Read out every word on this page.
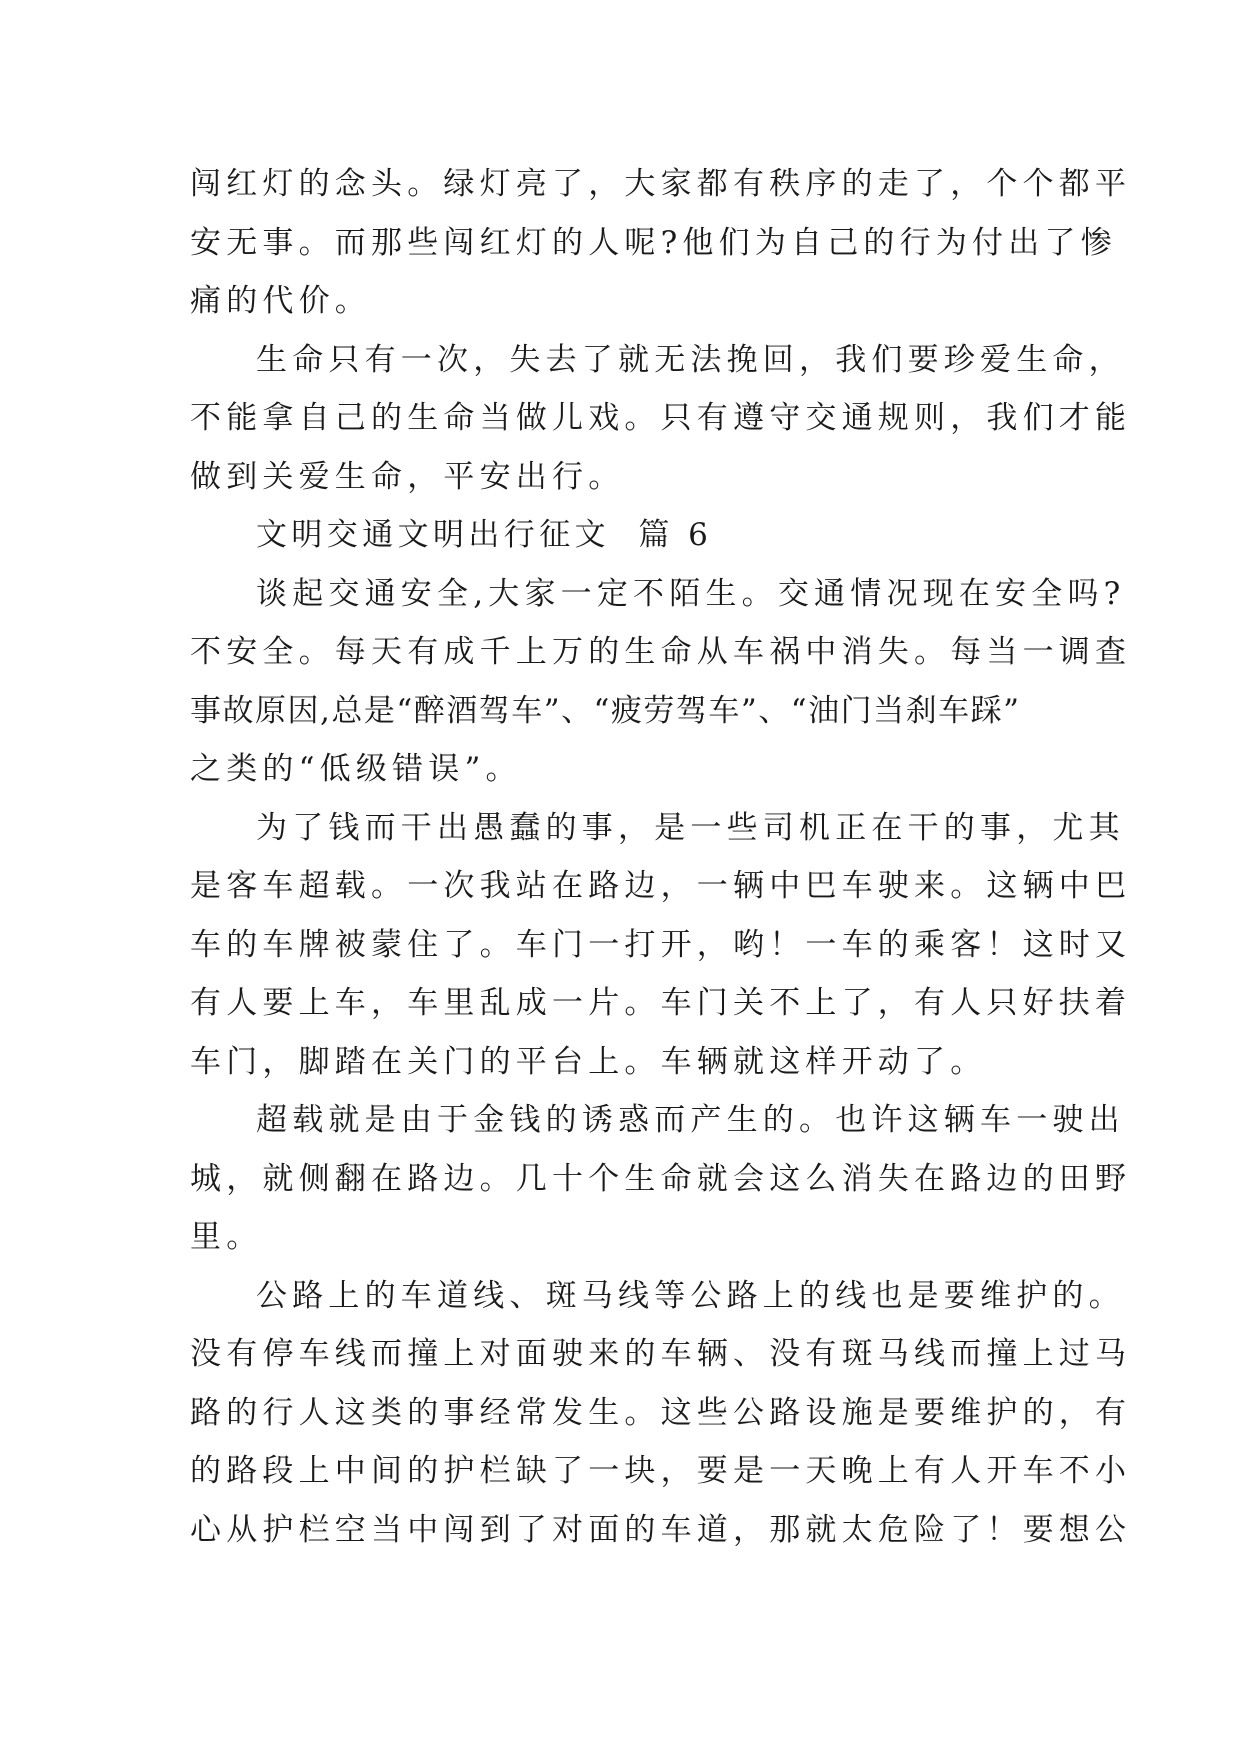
闯红灯的念头。绿灯亮了，大家都有秩序的走了，个个都平
安无事。而那些闯红灯的人呢?他们为自己的行为付出了惨
痛的代价。
生命只有一次，失去了就无法挽回，我们要珍爱生命，
不能拿自己的生命当做儿戏。只有遵守交通规则，我们才能
做到关爱生命，平安出行。
文明交通文明出行征文  篇 6
谈起交通安全,大家一定不陌生。交通情况现在安全吗?
不安全。每天有成千上万的生命从车祸中消失。每当一调查
事故原因,总是“醉酒驾车”、“疲劳驾车”、“油门当刹车踩”
之类的“低级错误”。
为了钱而干出愚蠢的事，是一些司机正在干的事，尤其
是客车超载。一次我站在路边，一辆中巴车驶来。这辆中巴
车的车牌被蒙住了。车门一打开，哟！一车的乘客！这时又
有人要上车，车里乱成一片。车门关不上了，有人只好扶着
车门，脚踏在关门的平台上。车辆就这样开动了。
超载就是由于金钱的诱惑而产生的。也许这辆车一驶出
城，就侧翻在路边。几十个生命就会这么消失在路边的田野
里。
公路上的车道线、斑马线等公路上的线也是要维护的。
没有停车线而撞上对面驶来的车辆、没有斑马线而撞上过马
路的行人这类的事经常发生。这些公路设施是要维护的，有
的路段上中间的护栏缺了一块，要是一天晚上有人开车不小
心从护栏空当中闯到了对面的车道，那就太危险了！要想公
